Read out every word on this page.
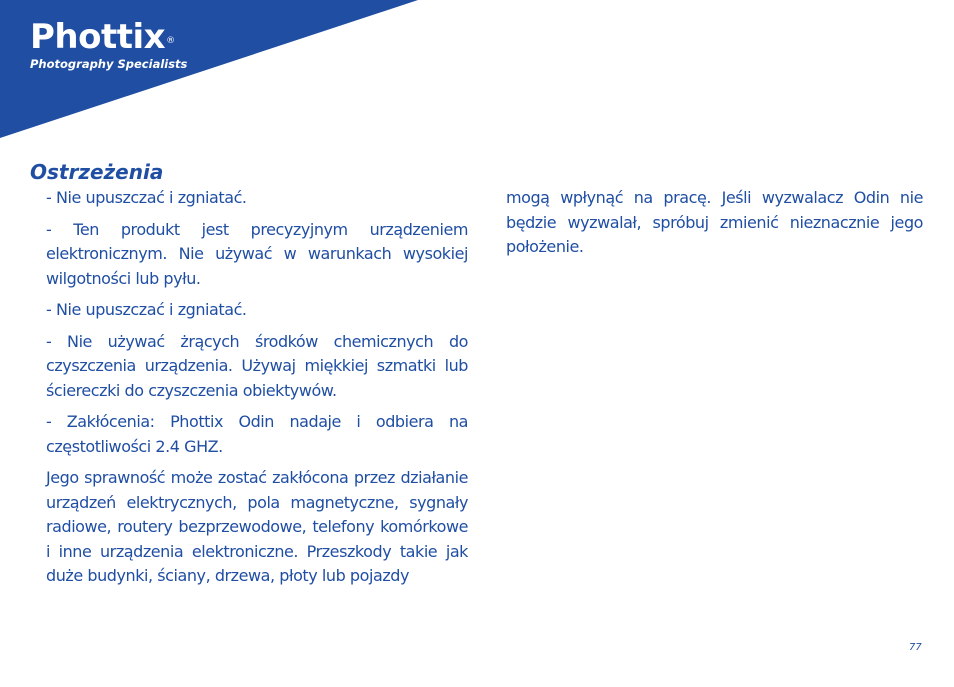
Phottix®
Photography Specialists
Ostrzeżenia

- Nie upuszczać i zgniatać.

- Ten produkt jest precyzyjnym urządzeniem elektronicznym. Nie używać w warunkach wysokiej wilgotności lub pyłu.

- Nie upuszczać i zgniatać.

- Nie używać żrących środków chemicznych do czyszczenia urządzenia. Używaj miękkiej szmatki lub ściereczki do czyszczenia obiektywów.

- Zakłócenia: Phottix Odin nadaje i odbiera na częstotliwości 2.4 GHZ.

Jego sprawność może zostać zakłócona przez działanie urządzeń elektrycznych, pola magnetyczne, sygnały radiowe, routery bezprzewodowe, telefony komórkowe i inne urządzenia elektroniczne. Przeszkody takie jak duże budynki, ściany, drzewa, płoty lub pojazdy

mogą wpłynąć na pracę. Jeśli wyzwalacz Odin nie będzie wyzwalał, spróbuj zmienić nieznacznie jego położenie.

77
